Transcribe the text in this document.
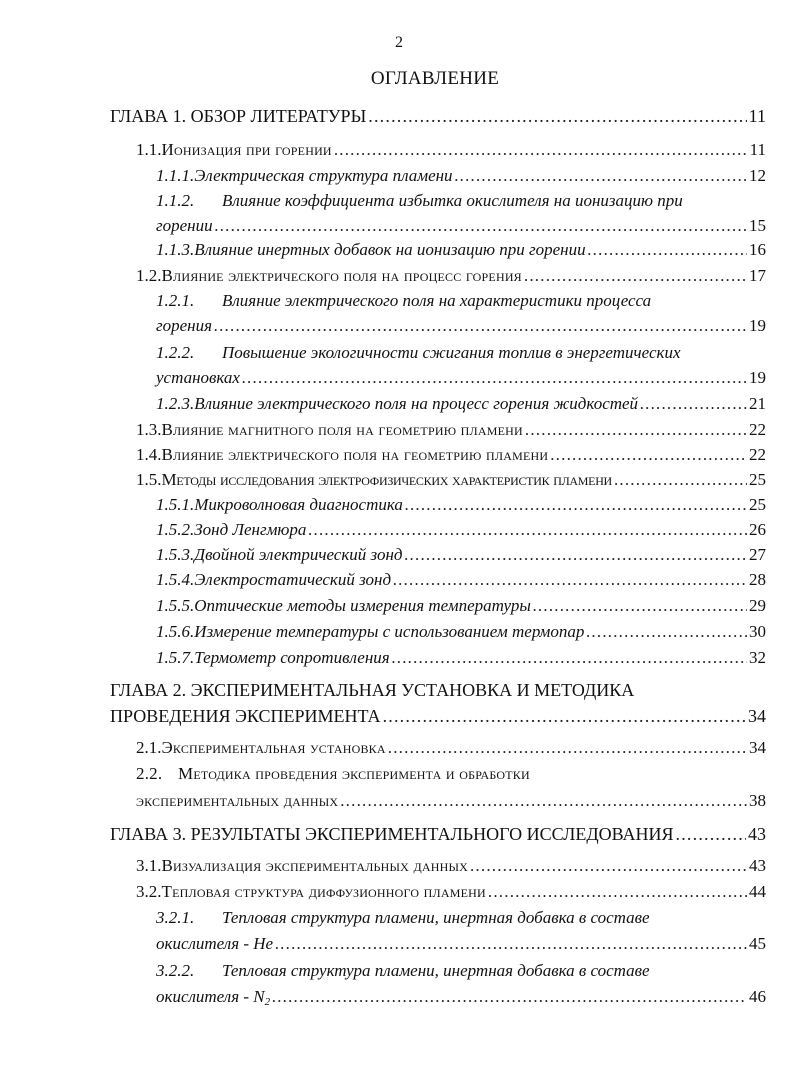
2
ОГЛАВЛЕНИЕ
ГЛАВА 1. ОБЗОР ЛИТЕРАТУРЫ .....	11
1.1. Ионизация при горении .....	11
1.1.1. Электрическая структура пламени .....	12
1.1.2.	Влияние коэффициента избытка окислителя на ионизацию при
горении .....	15
1.1.3. Влияние инертных добавок на ионизацию при горении .....	16
1.2. Влияние электрического поля на процесс горения .....	17
1.2.1.	Влияние электрического поля на характеристики процесса
горения .....	19
1.2.2.	Повышение экологичности сжигания топлив в энергетических
установках .....	19
1.2.3. Влияние электрического поля на процесс горения жидкостей .....	21
1.3. Влияние магнитного поля на геометрию пламени .....	22
1.4. Влияние электрического поля на геометрию пламени .....	22
1.5. Методы исследования электрофизических характеристик пламени .....	25
1.5.1. Микроволновая диагностика .....	25
1.5.2. Зонд Ленгмюра .....	26
1.5.3. Двойной электрический зонд .....	27
1.5.4. Электростатический зонд .....	28
1.5.5. Оптические методы измерения температуры .....	29
1.5.6. Измерение температуры с использованием термопар .....	30
1.5.7. Термометр сопротивления .....	32
ГЛАВА 2. ЭКСПЕРИМЕНТАЛЬНАЯ УСТАНОВКА И МЕТОДИКА
ПРОВЕДЕНИЯ ЭКСПЕРИМЕНТА .....	34
2.1. Экспериментальная установка .....	34
2.2. Методика проведения эксперимента и обработки
экспериментальных данных .....	38
ГЛАВА 3. РЕЗУЛЬТАТЫ ЭКСПЕРИМЕНТАЛЬНОГО ИССЛЕДОВАНИЯ .....	43
3.1. Визуализация экспериментальных данных .....	43
3.2. Тепловая структура диффузионного пламени .....	44
3.2.1.	Тепловая структура пламени, инертная добавка в составе
окислителя - He .....	45
3.2.2.	Тепловая структура пламени, инертная добавка в составе
окислителя - $N_2$ .....	46
